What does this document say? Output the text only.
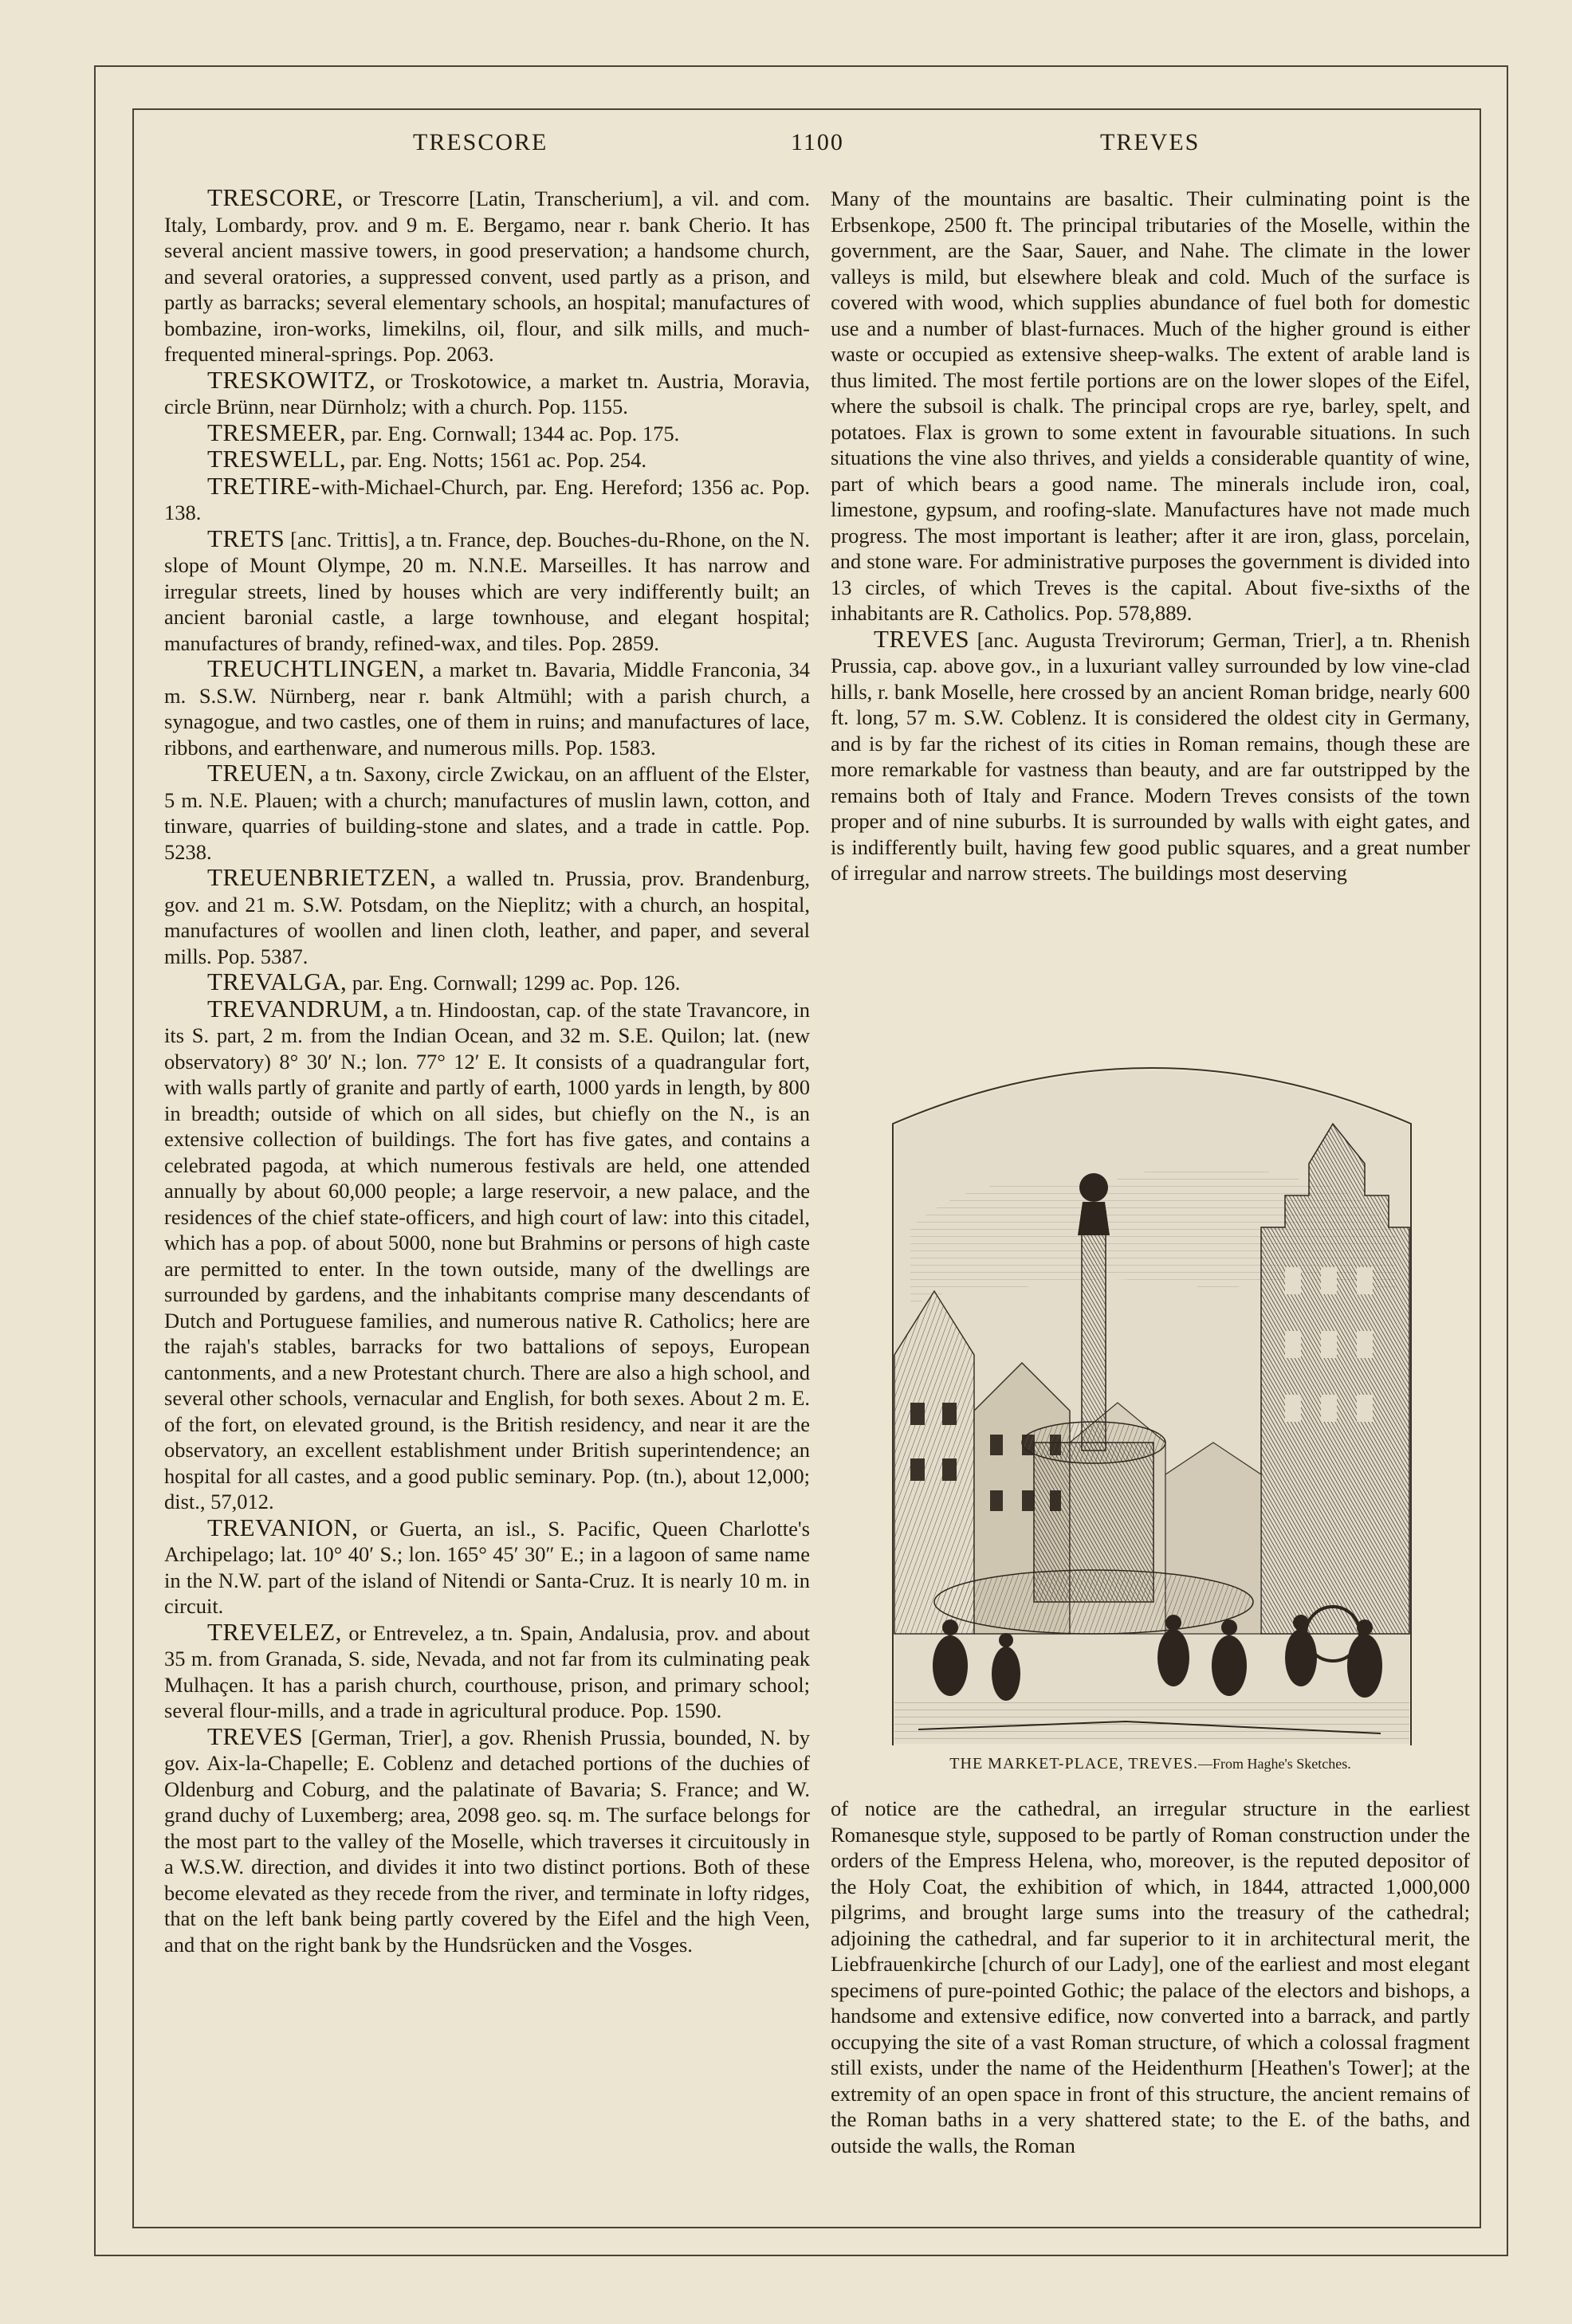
TRESCORE	1100	TREVES

TRESCORE, or Trescorre [Latin, Transcherium], a vil. and com. Italy, Lombardy, prov. and 9 m. E. Bergamo, near r. bank Cherio. It has several ancient massive towers, in good preservation; a handsome church, and several oratories, a suppressed convent, used partly as a prison, and partly as barracks; several elementary schools, an hospital; manufactures of bombazine, iron-works, limekilns, oil, flour, and silk mills, and much-frequented mineral-springs. Pop. 2063.

TRESKOWITZ, or Troskotowice, a market tn. Austria, Moravia, circle Brünn, near Dürnholz; with a church. Pop. 1155.

TRESMEER, par. Eng. Cornwall; 1344 ac. Pop. 175.

TRESWELL, par. Eng. Notts; 1561 ac. Pop. 254.

TRETIRE-with-Michael-Church, par. Eng. Hereford; 1356 ac. Pop. 138.

TRETS [anc. Trittis], a tn. France, dep. Bouches-du-Rhone, on the N. slope of Mount Olympe, 20 m. N.N.E. Marseilles. It has narrow and irregular streets, lined by houses which are very indifferently built; an ancient baronial castle, a large townhouse, and elegant hospital; manufactures of brandy, refined-wax, and tiles. Pop. 2859.

TREUCHTLINGEN, a market tn. Bavaria, Middle Franconia, 34 m. S.S.W. Nürnberg, near r. bank Altmühl; with a parish church, a synagogue, and two castles, one of them in ruins; and manufactures of lace, ribbons, and earthenware, and numerous mills. Pop. 1583.

TREUEN, a tn. Saxony, circle Zwickau, on an affluent of the Elster, 5 m. N.E. Plauen; with a church; manufactures of muslin lawn, cotton, and tinware, quarries of building-stone and slates, and a trade in cattle. Pop. 5238.

TREUENBRIETZEN, a walled tn. Prussia, prov. Brandenburg, gov. and 21 m. S.W. Potsdam, on the Nieplitz; with a church, an hospital, manufactures of woollen and linen cloth, leather, and paper, and several mills. Pop. 5387.

TREVALGA, par. Eng. Cornwall; 1299 ac. Pop. 126.

TREVANDRUM, a tn. Hindoostan, cap. of the state Travancore, in its S. part, 2 m. from the Indian Ocean, and 32 m. S.E. Quilon; lat. (new observatory) 8° 30′ N.; lon. 77° 12′ E. It consists of a quadrangular fort, with walls partly of granite and partly of earth, 1000 yards in length, by 800 in breadth; outside of which on all sides, but chiefly on the N., is an extensive collection of buildings. The fort has five gates, and contains a celebrated pagoda, at which numerous festivals are held, one attended annually by about 60,000 people; a large reservoir, a new palace, and the residences of the chief state-officers, and high court of law: into this citadel, which has a pop. of about 5000, none but Brahmins or persons of high caste are permitted to enter. In the town outside, many of the dwellings are surrounded by gardens, and the inhabitants comprise many descendants of Dutch and Portuguese families, and numerous native R. Catholics; here are the rajah's stables, barracks for two battalions of sepoys, European cantonments, and a new Protestant church. There are also a high school, and several other schools, vernacular and English, for both sexes. About 2 m. E. of the fort, on elevated ground, is the British residency, and near it are the observatory, an excellent establishment under British superintendence; an hospital for all castes, and a good public seminary. Pop. (tn.), about 12,000; dist., 57,012.

TREVANION, or Guerta, an isl., S. Pacific, Queen Charlotte's Archipelago; lat. 10° 40′ S.; lon. 165° 45′ 30″ E.; in a lagoon of same name in the N.W. part of the island of Nitendi or Santa-Cruz. It is nearly 10 m. in circuit.

TREVELEZ, or Entrevelez, a tn. Spain, Andalusia, prov. and about 35 m. from Granada, S. side, Nevada, and not far from its culminating peak Mulhaçen. It has a parish church, courthouse, prison, and primary school; several flour-mills, and a trade in agricultural produce. Pop. 1590.

TREVES [German, Trier], a gov. Rhenish Prussia, bounded, N. by gov. Aix-la-Chapelle; E. Coblenz and detached portions of the duchies of Oldenburg and Coburg, and the palatinate of Bavaria; S. France; and W. grand duchy of Luxemberg; area, 2098 geo. sq. m. The surface belongs for the most part to the valley of the Moselle, which traverses it circuitously in a W.S.W. direction, and divides it into two distinct portions. Both of these become elevated as they recede from the river, and terminate in lofty ridges, that on the left bank being partly covered by the Eifel and the high Veen, and that on the right bank by the Hundsrücken and the Vosges.

Many of the mountains are basaltic. Their culminating point is the Erbsenkope, 2500 ft. The principal tributaries of the Moselle, within the government, are the Saar, Sauer, and Nahe. The climate in the lower valleys is mild, but elsewhere bleak and cold. Much of the surface is covered with wood, which supplies abundance of fuel both for domestic use and a number of blast-furnaces. Much of the higher ground is either waste or occupied as extensive sheep-walks. The extent of arable land is thus limited. The most fertile portions are on the lower slopes of the Eifel, where the subsoil is chalk. The principal crops are rye, barley, spelt, and potatoes. Flax is grown to some extent in favourable situations. In such situations the vine also thrives, and yields a considerable quantity of wine, part of which bears a good name. The minerals include iron, coal, limestone, gypsum, and roofing-slate. Manufactures have not made much progress. The most important is leather; after it are iron, glass, porcelain, and stone ware. For administrative purposes the government is divided into 13 circles, of which Treves is the capital. About five-sixths of the inhabitants are R. Catholics. Pop. 578,889.

TREVES [anc. Augusta Trevirorum; German, Trier], a tn. Rhenish Prussia, cap. above gov., in a luxuriant valley surrounded by low vine-clad hills, r. bank Moselle, here crossed by an ancient Roman bridge, nearly 600 ft. long, 57 m. S.W. Coblenz. It is considered the oldest city in Germany, and is by far the richest of its cities in Roman remains, though these are more remarkable for vastness than beauty, and are far outstripped by the remains both of Italy and France. Modern Treves consists of the town proper and of nine suburbs. It is surrounded by walls with eight gates, and is indifferently built, having few good public squares, and a great number of irregular and narrow streets. The buildings most deserving

THE MARKET-PLACE, TREVES.—From Haghe's Sketches.

of notice are the cathedral, an irregular structure in the earliest Romanesque style, supposed to be partly of Roman construction under the orders of the Empress Helena, who, moreover, is the reputed depositor of the Holy Coat, the exhibition of which, in 1844, attracted 1,000,000 pilgrims, and brought large sums into the treasury of the cathedral; adjoining the cathedral, and far superior to it in architectural merit, the Liebfrauenkirche [church of our Lady], one of the earliest and most elegant specimens of pure-pointed Gothic; the palace of the electors and bishops, a handsome and extensive edifice, now converted into a barrack, and partly occupying the site of a vast Roman structure, of which a colossal fragment still exists, under the name of the Heidenthurm [Heathen's Tower]; at the extremity of an open space in front of this structure, the ancient remains of the Roman baths in a very shattered state; to the E. of the baths, and outside the walls, the Roman
